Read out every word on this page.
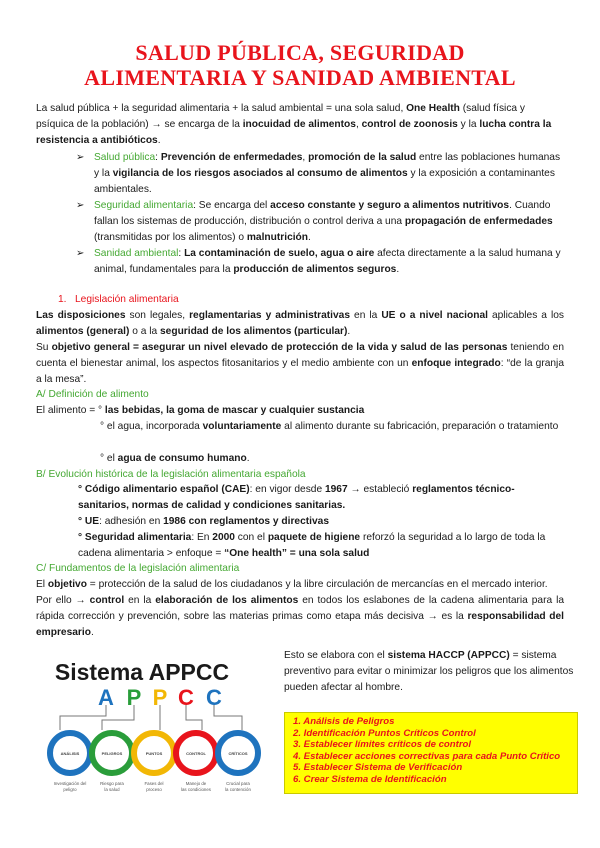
SALUD PÚBLICA, SEGURIDAD
ALIMENTARIA Y SANIDAD AMBIENTAL

La salud pública + la seguridad alimentaria + la salud ambiental = una sola salud, One Health (salud física y psíquica de la población) → se encarga de la inocuidad de alimentos, control de zoonosis y la lucha contra la resistencia a antibióticos.

➢ Salud pública: Prevención de enfermedades, promoción de la salud entre las poblaciones humanas y la vigilancia de los riesgos asociados al consumo de alimentos y la exposición a contaminantes ambientales.

➢ Seguridad alimentaria: Se encarga del acceso constante y seguro a alimentos nutritivos. Cuando fallan los sistemas de producción, distribución o control deriva a una propagación de enfermedades (transmitidas por los alimentos) o malnutrición.

➢ Sanidad ambiental: La contaminación de suelo, agua o aire afecta directamente a la salud humana y animal, fundamentales para la producción de alimentos seguros.

1. Legislación alimentaria

Las disposiciones son legales, reglamentarias y administrativas en la UE o a nivel nacional aplicables a los alimentos (general) o a la seguridad de los alimentos (particular).

Su objetivo general = asegurar un nivel elevado de protección de la vida y salud de las personas teniendo en cuenta el bienestar animal, los aspectos fitosanitarios y el medio ambiente con un enfoque integrado: “de la granja a la mesa”.

A/ Definición de alimento

El alimento = ° las bebidas, la goma de mascar y cualquier sustancia

° el agua, incorporada voluntariamente al alimento durante su fabricación, preparación o tratamiento

° el agua de consumo humano.

B/ Evolución histórica de la legislación alimentaria española

° Código alimentario español (CAE): en vigor desde 1967 → estableció reglamentos técnico-sanitarios, normas de calidad y condiciones sanitarias.

° UE: adhesión en 1986 con reglamentos y directivas

° Seguridad alimentaria: En 2000 con el paquete de higiene reforzó la seguridad a lo largo de toda la cadena alimentaria > enfoque = “One health” = una sola salud

C/ Fundamentos de la legislación alimentaria

El objetivo = protección de la salud de los ciudadanos y la libre circulación de mercancías en el mercado interior.

Por ello → control en la elaboración de los alimentos en todos los eslabones de la cadena alimentaria para la rápida corrección y prevención, sobre las materias primas como etapa más decisiva → es la responsabilidad del empresario.

Sistema APPCC
A P P C C
ANÁLISIS
Investigación del
peligro
PELIGROS
Riesgo para
la salud
PUNTOS
Fases del
proceso
CONTROL
Manejo de
las condiciones
CRÍTICOS
Crucial para
la contención

Esto se elabora con el sistema HACCP (APPCC) = sistema preventivo para evitar o minimizar los peligros que los alimentos pueden afectar al hombre.

1. Análisis de Peligros
2. Identificación Puntos Críticos Control
3. Establecer límites críticos de control
4. Establecer acciones correctivas para cada Punto Crítico
5. Establecer Sistema de Verificación
6. Crear Sistema de Identificación
